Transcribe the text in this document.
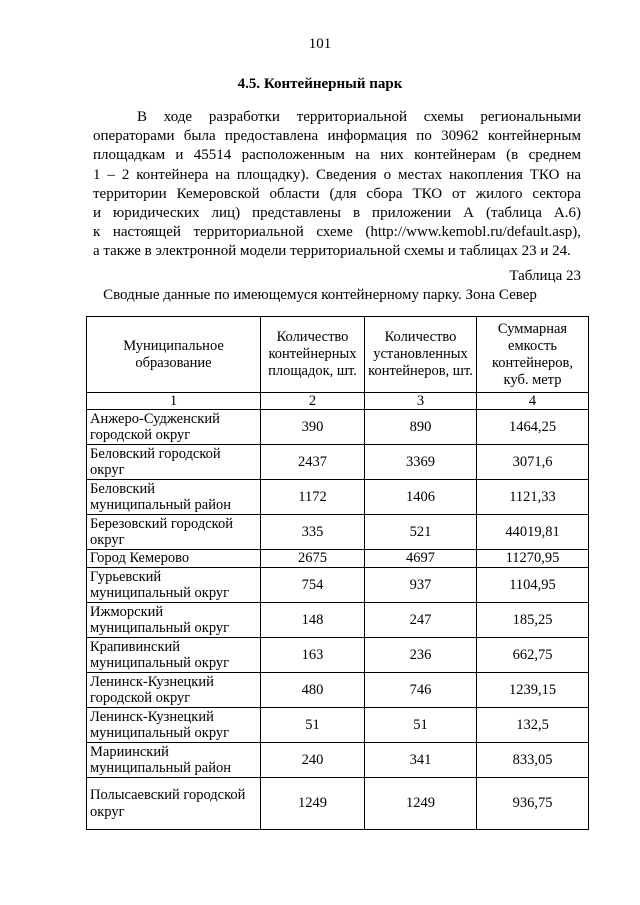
101
4.5. Контейнерный парк
В ходе разработки территориальной схемы региональными
операторами была предоставлена информация по 30962 контейнерным
площадкам и 45514 расположенным на них контейнерам (в среднем
1 – 2 контейнера на площадку). Сведения о местах накопления ТКО на
территории Кемеровской области (для сбора ТКО от жилого сектора
и юридических лиц) представлены в приложении А (таблица А.6)
к настоящей территориальной схеме (http://www.kemobl.ru/default.asp),
а также в электронной модели территориальной схемы и таблицах 23 и 24.
Таблица 23
Сводные данные по имеющемуся контейнерному парку. Зона Север
Муниципальное образование	Количество контейнерных площадок, шт.	Количество установленных контейнеров, шт.	Суммарная емкость контейнеров, куб. метр
1	2	3	4
Анжеро-Судженский городской округ	390	890	1464,25
Беловский городской округ	2437	3369	3071,6
Беловский муниципальный район	1172	1406	1121,33
Березовский городской округ	335	521	44019,81
Город Кемерово	2675	4697	11270,95
Гурьевский муниципальный округ	754	937	1104,95
Ижморский муниципальный округ	148	247	185,25
Крапивинский муниципальный округ	163	236	662,75
Ленинск-Кузнецкий городской округ	480	746	1239,15
Ленинск-Кузнецкий муниципальный округ	51	51	132,5
Мариинский муниципальный район	240	341	833,05
Полысаевский городской округ	1249	1249	936,75
